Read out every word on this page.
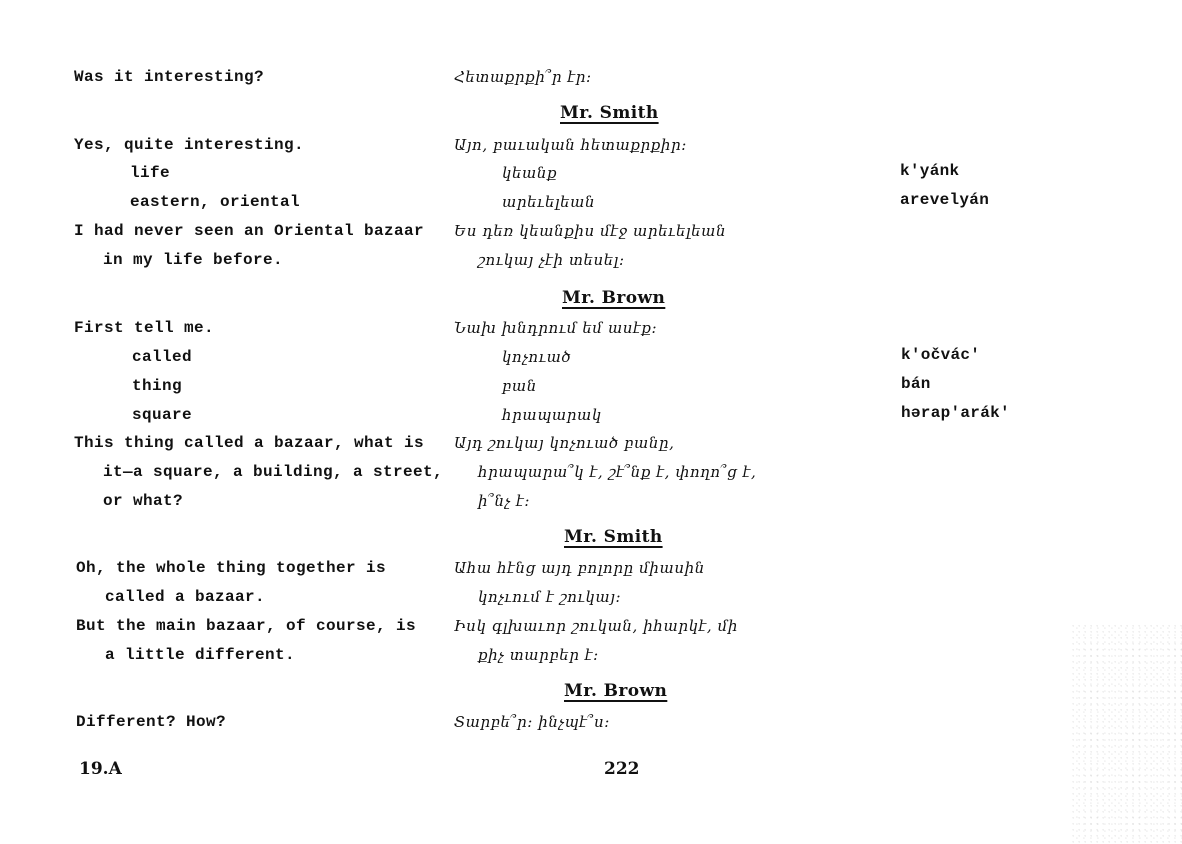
Was it interesting?
Yes, quite interesting.
life
eastern, oriental
I had never seen an Oriental bazaar
in my life before.
First tell me.
called
thing
square
This thing called a bazaar, what is
it—a square, a building, a street,
or what?
Oh, the whole thing together is
called a bazaar.
But the main bazaar, of course, is
a little different.
Different? How?
Հետաքրքի՞ր էր։
Այո, բաւական հետաքրքիր։
կեանք
արեւելեան
Ես դեռ կեանքիս մէջ արեւելեան
շուկայ չէի տեսել։
Նախ խնդրում եմ ասէք։
կոչուած
բան
հրապարակ
Այդ շուկայ կոչուած բանը,
հրապարա՞կ է, շէ՞նք է, փողո՞ց է,
ի՞նչ է։
Ահա հէնց այդ բոլորը միասին
կոչւում է շուկայ։
Իսկ գլխաւոր շուկան, իհարկէ, մի
քիչ տարբեր է։
Տարբե՞ր։ ինչպէ՞ս։
Mr. Smith
Mr. Brown
Mr. Smith
Mr. Brown
k'yánk
arevelyán
k'očvác'
bán
hərap'arák'
19.A	222
